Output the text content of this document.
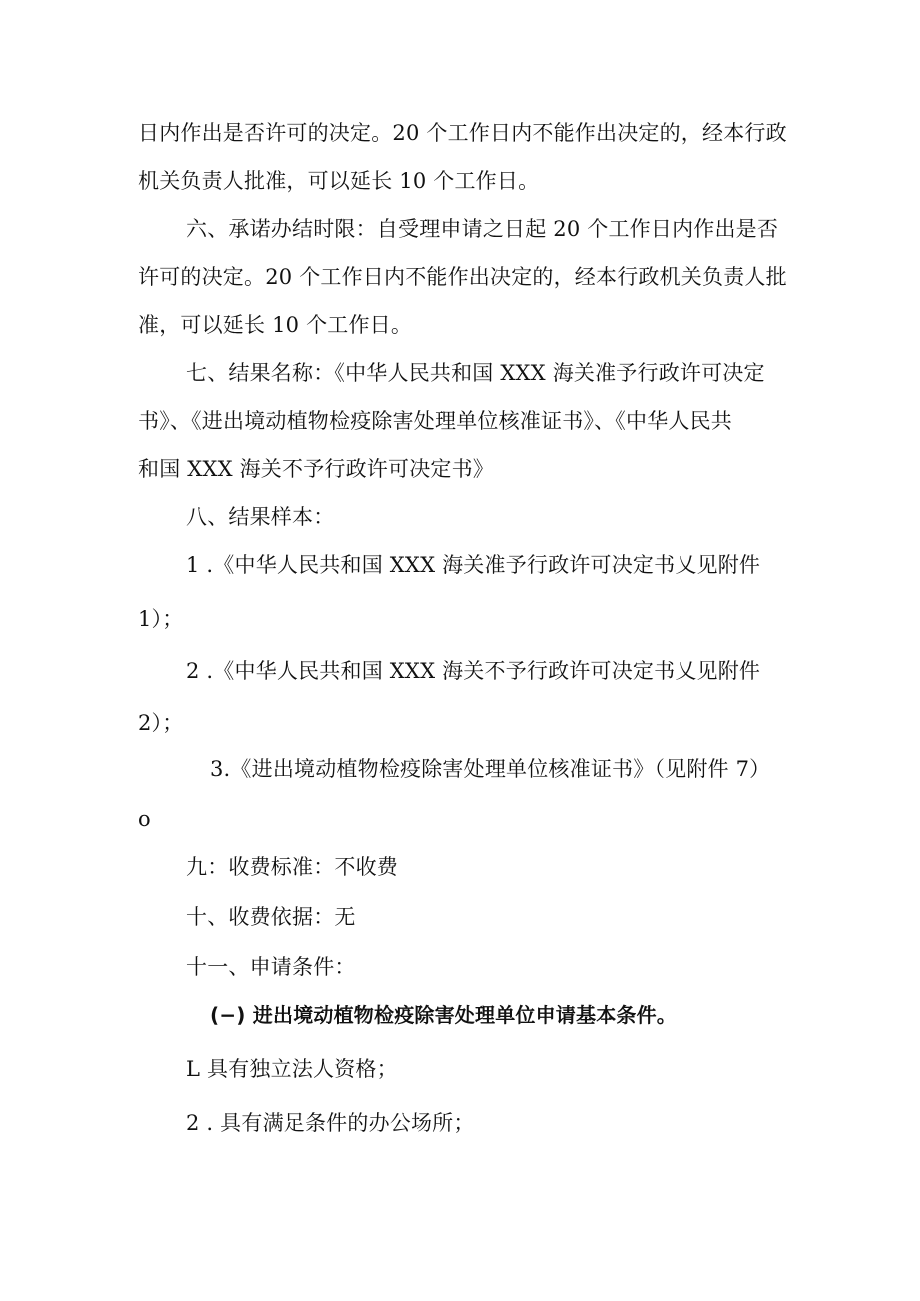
日内作出是否许可的决定。20 个工作日内不能作出决定的，经本行政
机关负责人批准，可以延长 10 个工作日。
六、承诺办结时限：自受理申请之日起 20 个工作日内作出是否
许可的决定。20 个工作日内不能作出决定的，经本行政机关负责人批
准，可以延长 10 个工作日。
七、结果名称：《中华人民共和国 XXX 海关准予行政许可决定
书》、《进出境动植物检疫除害处理单位核准证书》、《中华人民共
和国 XXX 海关不予行政许可决定书》
八、结果样本：
1 .《中华人民共和国 XXX 海关准予行政许可决定书乂见附件
1）；
2 .《中华人民共和国 XXX 海关不予行政许可决定书乂见附件
2）；
3.《进出境动植物检疫除害处理单位核准证书》（见附件 7）
o
九：收费标准：不收费
十、收费依据：无
十一、申请条件：
(−) 进出境动植物检疫除害处理单位申请基本条件。
L 具有独立法人资格；
2 . 具有满足条件的办公场所；
